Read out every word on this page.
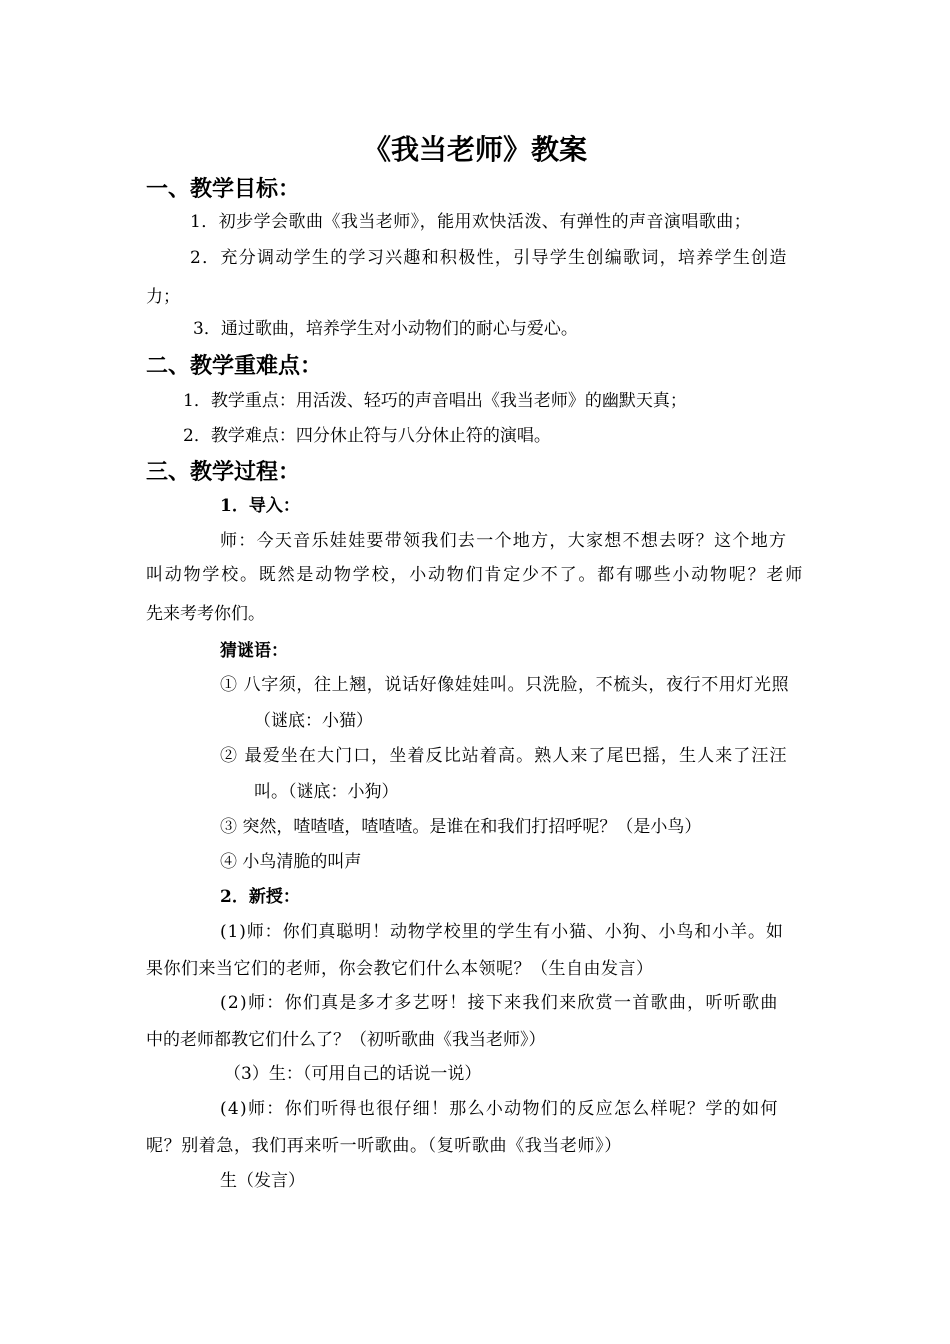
《我当老师》教案
一、教学目标：
1．初步学会歌曲《我当老师》，能用欢快活泼、有弹性的声音演唱歌曲；
2．充分调动学生的学习兴趣和积极性，引导学生创编歌词，培养学生创造
力；
3．通过歌曲，培养学生对小动物们的耐心与爱心。
二、教学重难点：
1．教学重点：用活泼、轻巧的声音唱出《我当老师》的幽默天真；
2．教学难点：四分休止符与八分休止符的演唱。
三、教学过程：
1．导入：
师：今天音乐娃娃要带领我们去一个地方，大家想不想去呀？这个地方
叫动物学校。既然是动物学校，小动物们肯定少不了。都有哪些小动物呢？老师
先来考考你们。
猜谜语：
① 八字须，往上翘，说话好像娃娃叫。只洗脸，不梳头，夜行不用灯光照
（谜底：小猫）
② 最爱坐在大门口，坐着反比站着高。熟人来了尾巴摇，生人来了汪汪
叫。（谜底：小狗）
③ 突然，喳喳喳，喳喳喳。是谁在和我们打招呼呢？（是小鸟）
④ 小鸟清脆的叫声
2．新授：
(1)师：你们真聪明！动物学校里的学生有小猫、小狗、小鸟和小羊。如
果你们来当它们的老师，你会教它们什么本领呢？（生自由发言）
(2)师：你们真是多才多艺呀！接下来我们来欣赏一首歌曲，听听歌曲
中的老师都教它们什么了？（初听歌曲《我当老师》）
（3）生：（可用自己的话说一说）
(4)师：你们听得也很仔细！那么小动物们的反应怎么样呢？学的如何
呢？别着急，我们再来听一听歌曲。（复听歌曲《我当老师》）
生（发言）
